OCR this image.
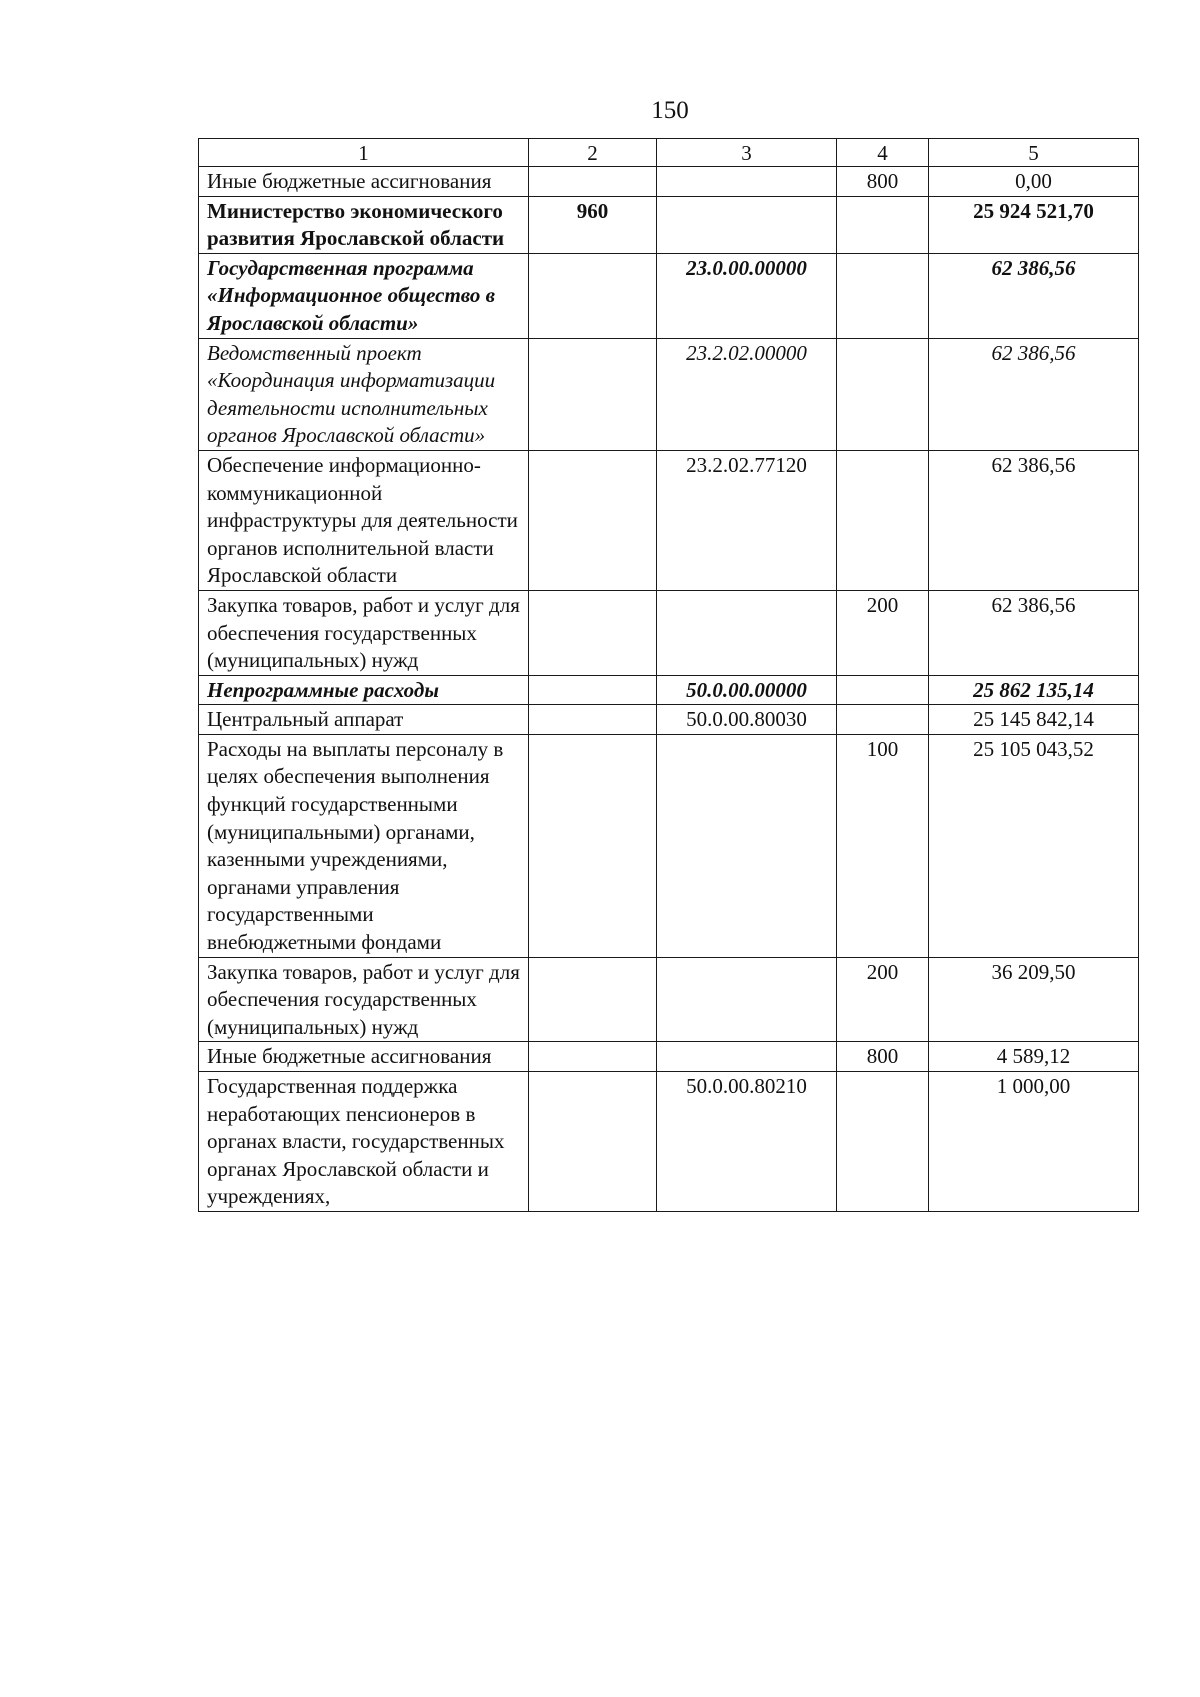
150
1	2	3	4	5
Иные бюджетные ассигнования			800	0,00
Министерство экономического развития Ярославской области	960			25 924 521,70
Государственная программа «Информационное общество в Ярославской области»		23.0.00.00000		62 386,56
Ведомственный проект «Координация информатизации деятельности исполнительных органов Ярославской области»		23.2.02.00000		62 386,56
Обеспечение информационно-коммуникационной инфраструктуры для деятельности органов исполнительной власти Ярославской области		23.2.02.77120		62 386,56
Закупка товаров, работ и услуг для обеспечения государственных (муниципальных) нужд			200	62 386,56
Непрограммные расходы		50.0.00.00000		25 862 135,14
Центральный аппарат		50.0.00.80030		25 145 842,14
Расходы на выплаты персоналу в целях обеспечения выполнения функций государственными (муниципальными) органами, казенными учреждениями, органами управления государственными внебюджетными фондами			100	25 105 043,52
Закупка товаров, работ и услуг для обеспечения государственных (муниципальных) нужд			200	36 209,50
Иные бюджетные ассигнования			800	4 589,12
Государственная поддержка неработающих пенсионеров в органах власти, государственных органах Ярославской области и учреждениях,		50.0.00.80210		1 000,00
